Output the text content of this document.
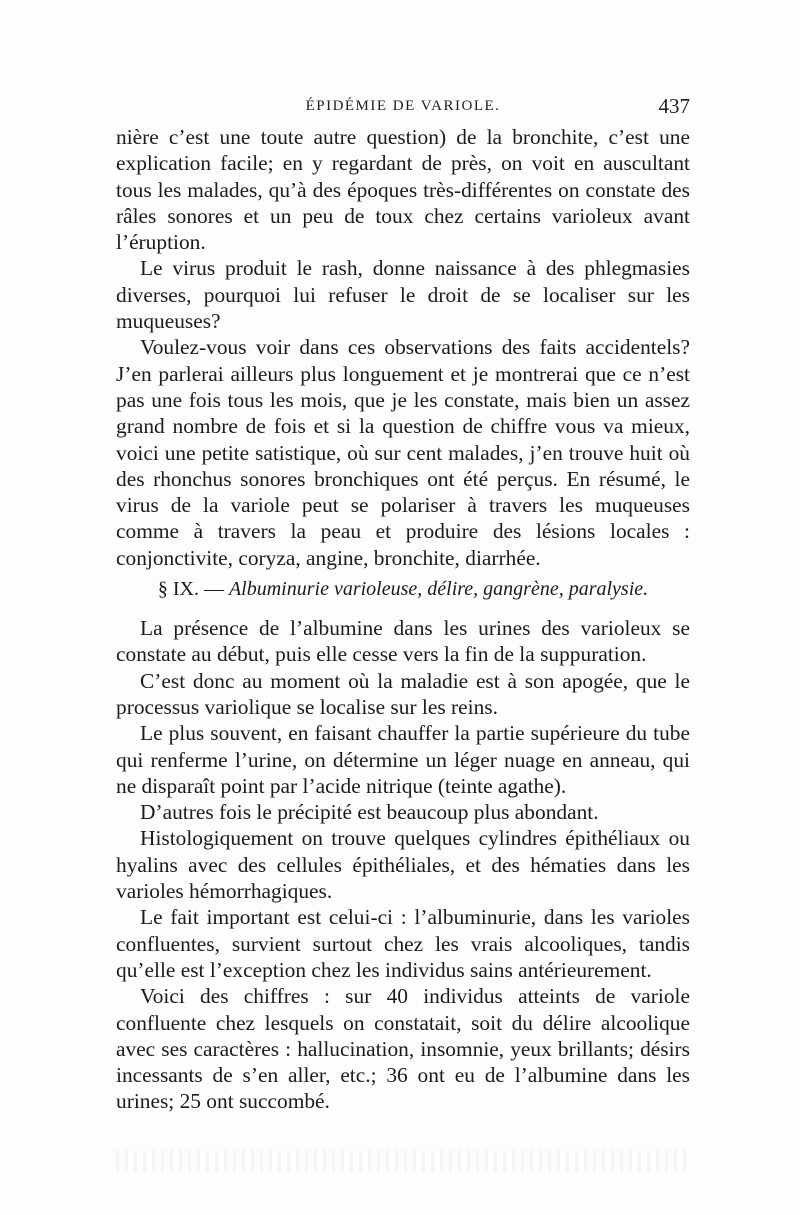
ÉPIDÉMIE DE VARIOLE.	437

nière c’est une toute autre question) de la bronchite, c’est une explication facile; en y regardant de près, on voit en auscultant tous les malades, qu’à des époques très-différentes on constate des râles sonores et un peu de toux chez certains varioleux avant l’éruption.

Le virus produit le rash, donne naissance à des phlegmasies diverses, pourquoi lui refuser le droit de se localiser sur les muqueuses?

Voulez-vous voir dans ces observations des faits accidentels? J’en parlerai ailleurs plus longuement et je montrerai que ce n’est pas une fois tous les mois, que je les constate, mais bien un assez grand nombre de fois et si la question de chiffre vous va mieux, voici une petite satistique, où sur cent malades, j’en trouve huit où des rhonchus sonores bronchiques ont été perçus. En résumé, le virus de la variole peut se polariser à travers les muqueuses comme à travers la peau et produire des lésions locales : conjonctivite, coryza, angine, bronchite, diarrhée.

§ IX. — Albuminurie varioleuse, délire, gangrène, paralysie.

La présence de l’albumine dans les urines des varioleux se constate au début, puis elle cesse vers la fin de la suppuration.

C’est donc au moment où la maladie est à son apogée, que le processus variolique se localise sur les reins.

Le plus souvent, en faisant chauffer la partie supérieure du tube qui renferme l’urine, on détermine un léger nuage en anneau, qui ne disparaît point par l’acide nitrique (teinte agathe).

D’autres fois le précipité est beaucoup plus abondant.

Histologiquement on trouve quelques cylindres épithéliaux ou hyalins avec des cellules épithéliales, et des hématies dans les varioles hémorrhagiques.

Le fait important est celui-ci : l’albuminurie, dans les varioles confluentes, survient surtout chez les vrais alcooliques, tandis qu’elle est l’exception chez les individus sains antérieurement.

Voici des chiffres : sur 40 individus atteints de variole confluente chez lesquels on constatait, soit du délire alcoolique avec ses caractères : hallucination, insomnie, yeux brillants; désirs incessants de s’en aller, etc.; 36 ont eu de l’albumine dans les urines; 25 ont succombé.
